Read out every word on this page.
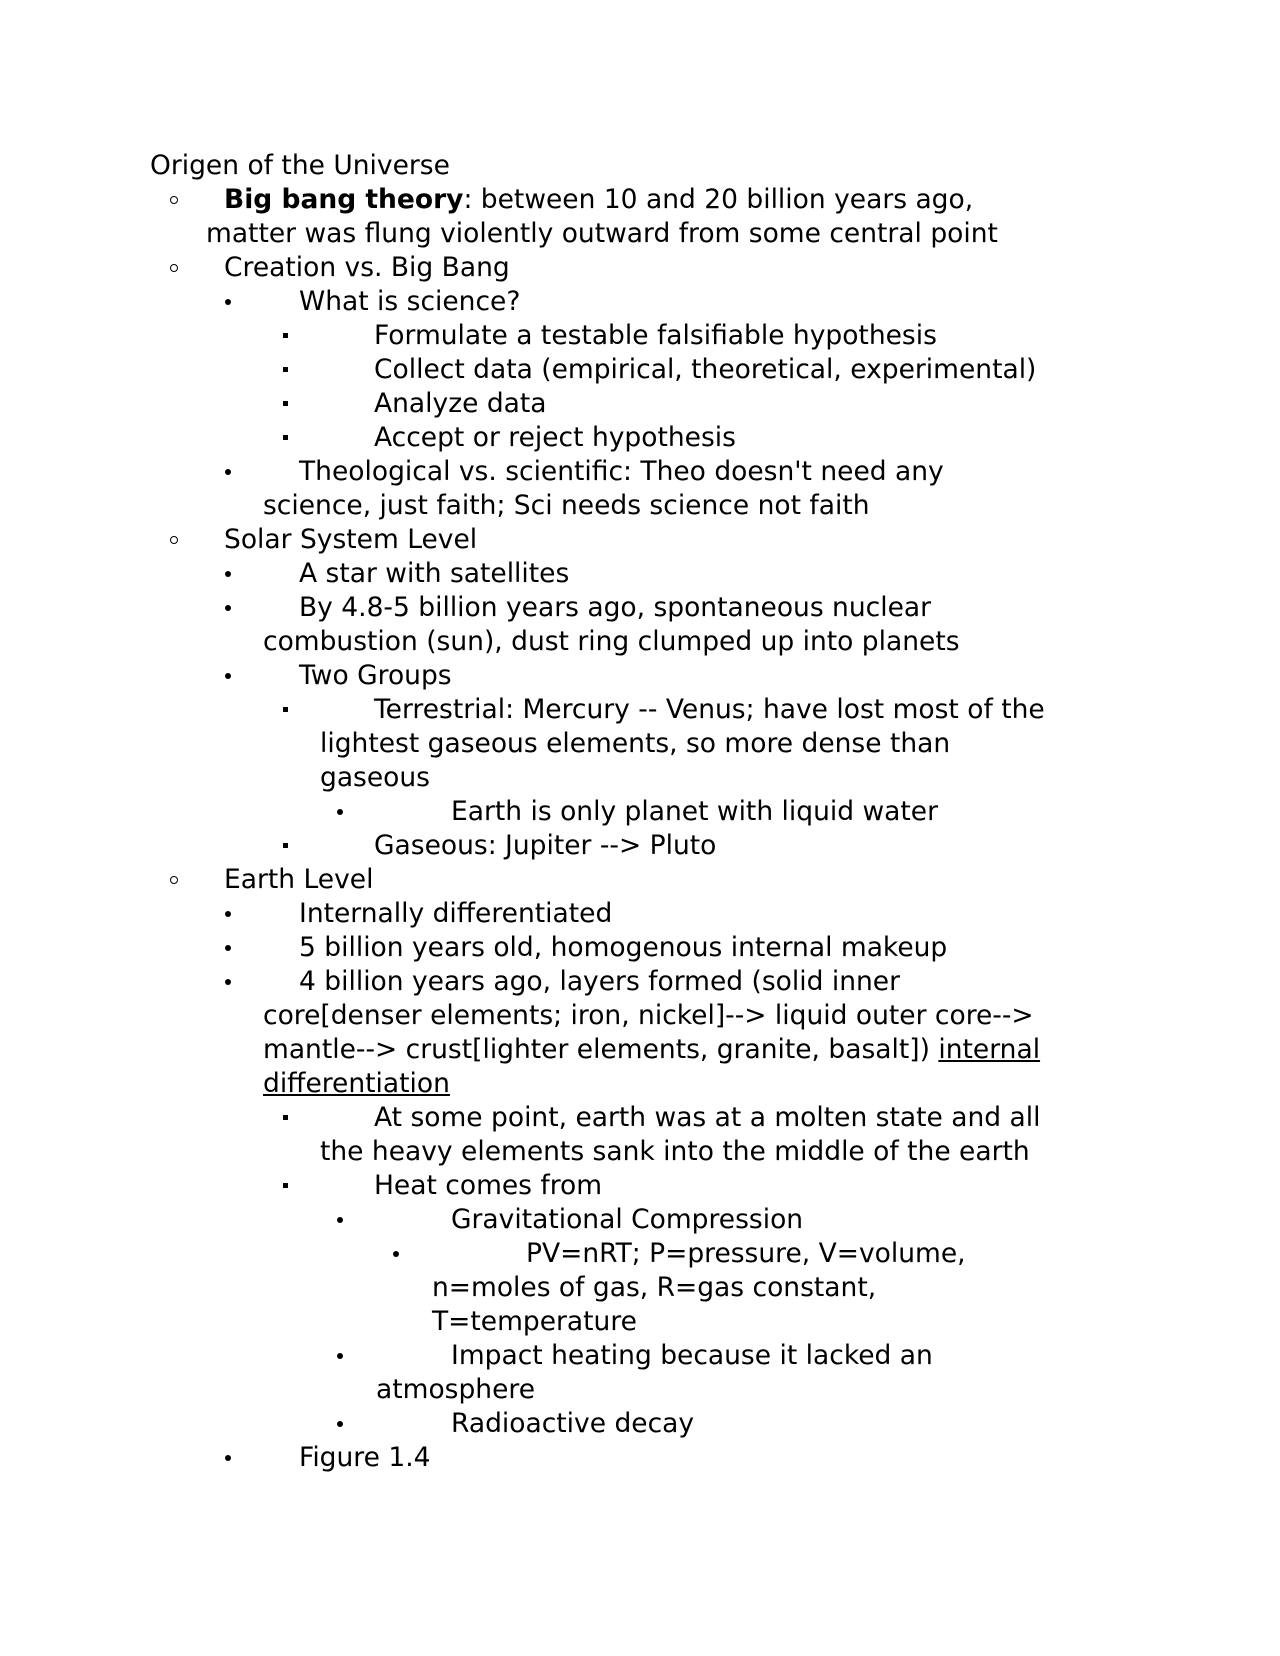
Origen of the Universe
Big bang theory: between 10 and 20 billion years ago,
matter was flung violently outward from some central point
Creation vs. Big Bang
What is science?
Formulate a testable falsifiable hypothesis
Collect data (empirical, theoretical, experimental)
Analyze data
Accept or reject hypothesis
Theological vs. scientific: Theo doesn't need any
science, just faith; Sci needs science not faith
Solar System Level
A star with satellites
By 4.8-5 billion years ago, spontaneous nuclear
combustion (sun), dust ring clumped up into planets
Two Groups
Terrestrial: Mercury -- Venus; have lost most of the
lightest gaseous elements, so more dense than
gaseous
Earth is only planet with liquid water
Gaseous: Jupiter --> Pluto
Earth Level
Internally differentiated
5 billion years old, homogenous internal makeup
4 billion years ago, layers formed (solid inner
core[denser elements; iron, nickel]--> liquid outer core-->
mantle--> crust[lighter elements, granite, basalt]) internal
differentiation
At some point, earth was at a molten state and all
the heavy elements sank into the middle of the earth
Heat comes from
Gravitational Compression
PV=nRT; P=pressure, V=volume,
n=moles of gas, R=gas constant,
T=temperature
Impact heating because it lacked an
atmosphere
Radioactive decay
Figure 1.4
